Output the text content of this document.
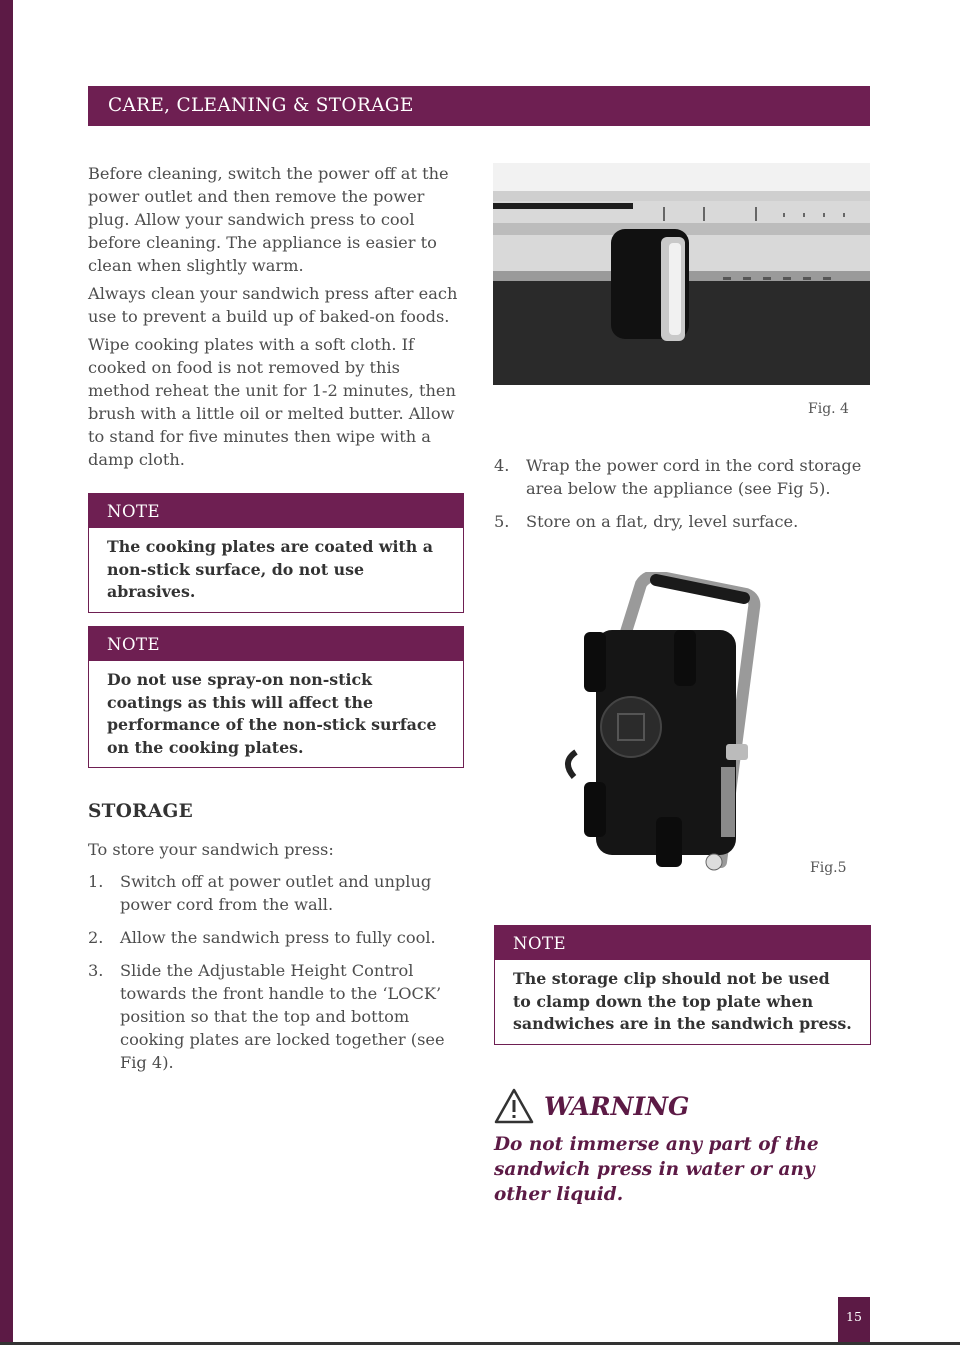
CARE, CLEANING & STORAGE

Before cleaning, switch the power off at the power outlet and then remove the power plug. Allow your sandwich press to cool before cleaning. The appliance is easier to clean when slightly warm.

Always clean your sandwich press after each use to prevent a build up of baked-on foods.

Wipe cooking plates with a soft cloth. If cooked on food is not removed by this method reheat the unit for 1-2 minutes, then brush with a little oil or melted butter. Allow to stand for five minutes then wipe with a damp cloth.

NOTE
The cooking plates are coated with a non-stick surface, do not use abrasives.
NOTE
Do not use spray-on non-stick coatings as this will affect the performance of the non-stick surface on the cooking plates.
STORAGE

To store your sandwich press:

1. Switch off at power outlet and unplug power cord from the wall.
2. Allow the sandwich press to fully cool.
3. Slide the Adjustable Height Control towards the front handle to the ‘LOCK’ position so that the top and bottom cooking plates are locked together (see Fig 4).
Fig. 4
4. Wrap the power cord in the cord storage area below the appliance (see Fig 5).
5. Store on a flat, dry, level surface.
Fig.5
NOTE
The storage clip should not be used to clamp down the top plate when sandwiches are in the sandwich press.
WARNING
Do not immerse any part of the sandwich press in water or any other liquid.
15
